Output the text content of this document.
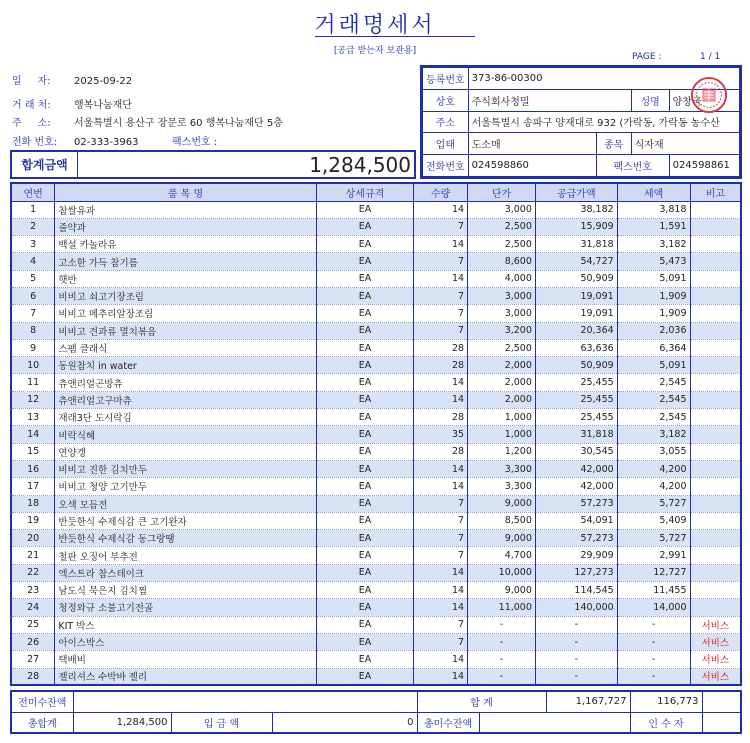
거래명세서
[공급 받는자 보관용]
PAGE :	1 / 1
일     자: 2025-09-22
거 래 처: 행복나눔재단
주     소: 서울특별시 용산구 장문로 60 행복나눔재단 5층
전화 번호: 02-333-3963	팩스번호 :
등록번호	373-86-00300			
상호	주식회사청밀		성명	양창국
주소	서울특별시 송파구 양재대로 932 (가락동, 가락동 농수산			
업태	도소매	종목	식자재	
전화번호	024598860	팩스번호		024598861
합계금액	1,284,500
연번	품 목 명	상세규격	수량	단가	공급가액	세액	비고
1	참쌀유과	EA	14	3,000	38,182	3,818	
2	줄약과	EA	7	2,500	15,909	1,591	
3	백설 카놀라유	EA	14	2,500	31,818	3,182	
4	고소한 가득 참기름	EA	7	8,600	54,727	5,473	
5	햇반	EA	14	4,000	50,909	5,091	
6	비비고 쇠고기장조림	EA	7	3,000	19,091	1,909	
7	비비고 메추리알장조림	EA	7	3,000	19,091	1,909	
8	비비고 견과류 멸치볶음	EA	7	3,200	20,364	2,036	
9	스팸 클래식	EA	28	2,500	63,636	6,364	
10	동원참치 in water	EA	28	2,000	50,909	5,091	
11	츄앤리얼곤방츄	EA	14	2,000	25,455	2,545	
12	츄앤리얼고구마츄	EA	14	2,000	25,455	2,545	
13	재래3단 도시락김	EA	28	1,000	25,455	2,545	
14	비락식혜	EA	35	1,000	31,818	3,182	
15	연양갱	EA	28	1,200	30,545	3,055	
16	비비고 진한 김치만두	EA	14	3,300	42,000	4,200	
17	비비고 청양 고기만두	EA	14	3,300	42,000	4,200	
18	오색 모듬전	EA	7	9,000	57,273	5,727	
19	반듯한식 수제식감 큰 고기완자	EA	7	8,500	54,091	5,409	
20	반듯한식 수제식감 동그랑땡	EA	7	9,000	57,273	5,727	
21	철판 오징어 부추전	EA	7	4,700	29,909	2,991	
22	엑스트라 참스테이크	EA	14	10,000	127,273	12,727	
23	남도식 묵은지 김치찜	EA	14	9,000	114,545	11,455	
24	청정와규 소불고기전골	EA	14	11,000	140,000	14,000	
25	KIT 박스	EA	7	-	-	-	서비스
26	아이스박스	EA	7	-	-	-	서비스
27	택배비	EA	14	-	-	-	서비스
28	젤리셔스 수박바 젤리	EA	14	-	-	-	서비스
전미수잔액				합 계		1,167,727	116,773	
총합계	1,284,500	입 금 액	0	총미수잔액			인 수 자	
